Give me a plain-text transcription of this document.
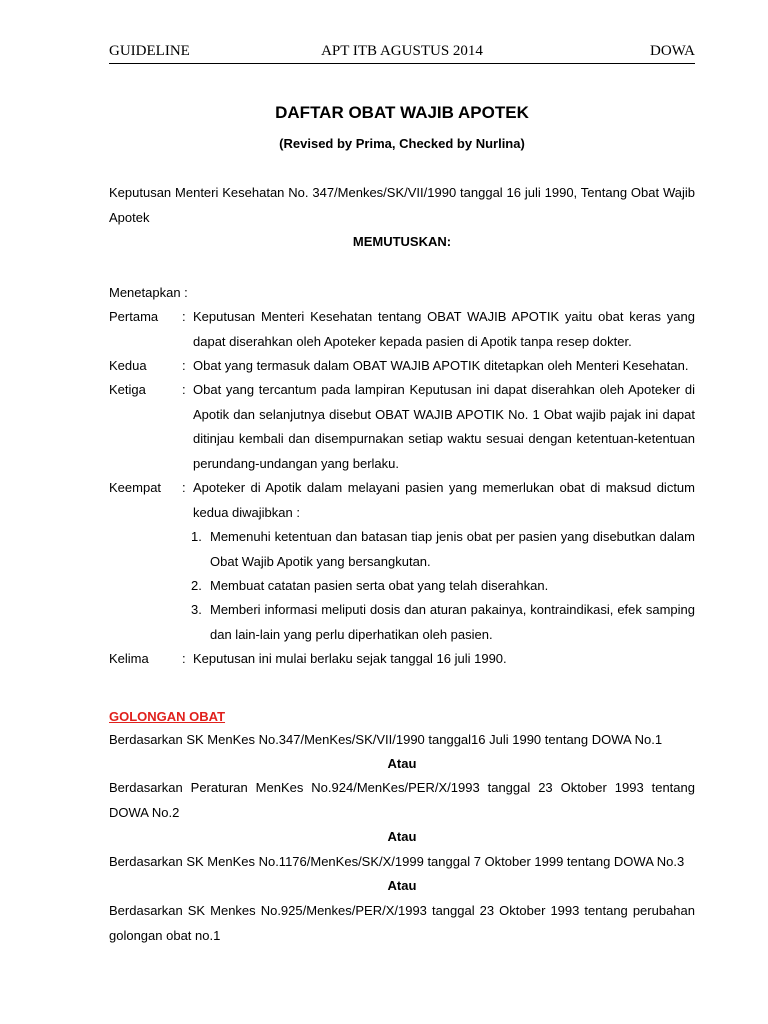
GUIDELINE	APT ITB AGUSTUS 2014	DOWA
DAFTAR OBAT WAJIB APOTEK
(Revised by Prima, Checked by Nurlina)
Keputusan Menteri Kesehatan No. 347/Menkes/SK/VII/1990 tanggal 16 juli 1990, Tentang Obat Wajib Apotek
MEMUTUSKAN:
Menetapkan :
Pertama	: Keputusan Menteri Kesehatan tentang OBAT WAJIB APOTIK yaitu obat keras yang dapat diserahkan oleh Apoteker kepada pasien di Apotik tanpa resep dokter.
Kedua	: Obat yang termasuk dalam OBAT WAJIB APOTIK ditetapkan oleh Menteri Kesehatan.
Ketiga	: Obat yang tercantum pada lampiran Keputusan ini dapat diserahkan oleh Apoteker di Apotik dan selanjutnya disebut OBAT WAJIB APOTIK No. 1 Obat wajib pajak ini dapat ditinjau kembali dan disempurnakan setiap waktu sesuai dengan ketentuan-ketentuan perundang-undangan yang berlaku.
Keempat	: Apoteker di Apotik dalam melayani pasien yang memerlukan obat di maksud dictum kedua diwajibkan :
1. Memenuhi ketentuan dan batasan tiap jenis obat per pasien yang disebutkan dalam Obat Wajib Apotik yang bersangkutan.
2. Membuat catatan pasien serta obat yang telah diserahkan.
3. Memberi informasi meliputi dosis dan aturan pakainya, kontraindikasi, efek samping dan lain-lain yang perlu diperhatikan oleh pasien.
Kelima	: Keputusan ini mulai berlaku sejak tanggal 16 juli 1990.
GOLONGAN OBAT
Berdasarkan SK MenKes No.347/MenKes/SK/VII/1990 tanggal16 Juli 1990 tentang DOWA No.1
Atau
Berdasarkan Peraturan MenKes No.924/MenKes/PER/X/1993 tanggal 23 Oktober 1993 tentang DOWA No.2
Atau
Berdasarkan SK MenKes No.1176/MenKes/SK/X/1999 tanggal 7 Oktober 1999 tentang DOWA No.3
Atau
Berdasarkan SK Menkes No.925/Menkes/PER/X/1993 tanggal 23 Oktober 1993 tentang perubahan golongan obat no.1
